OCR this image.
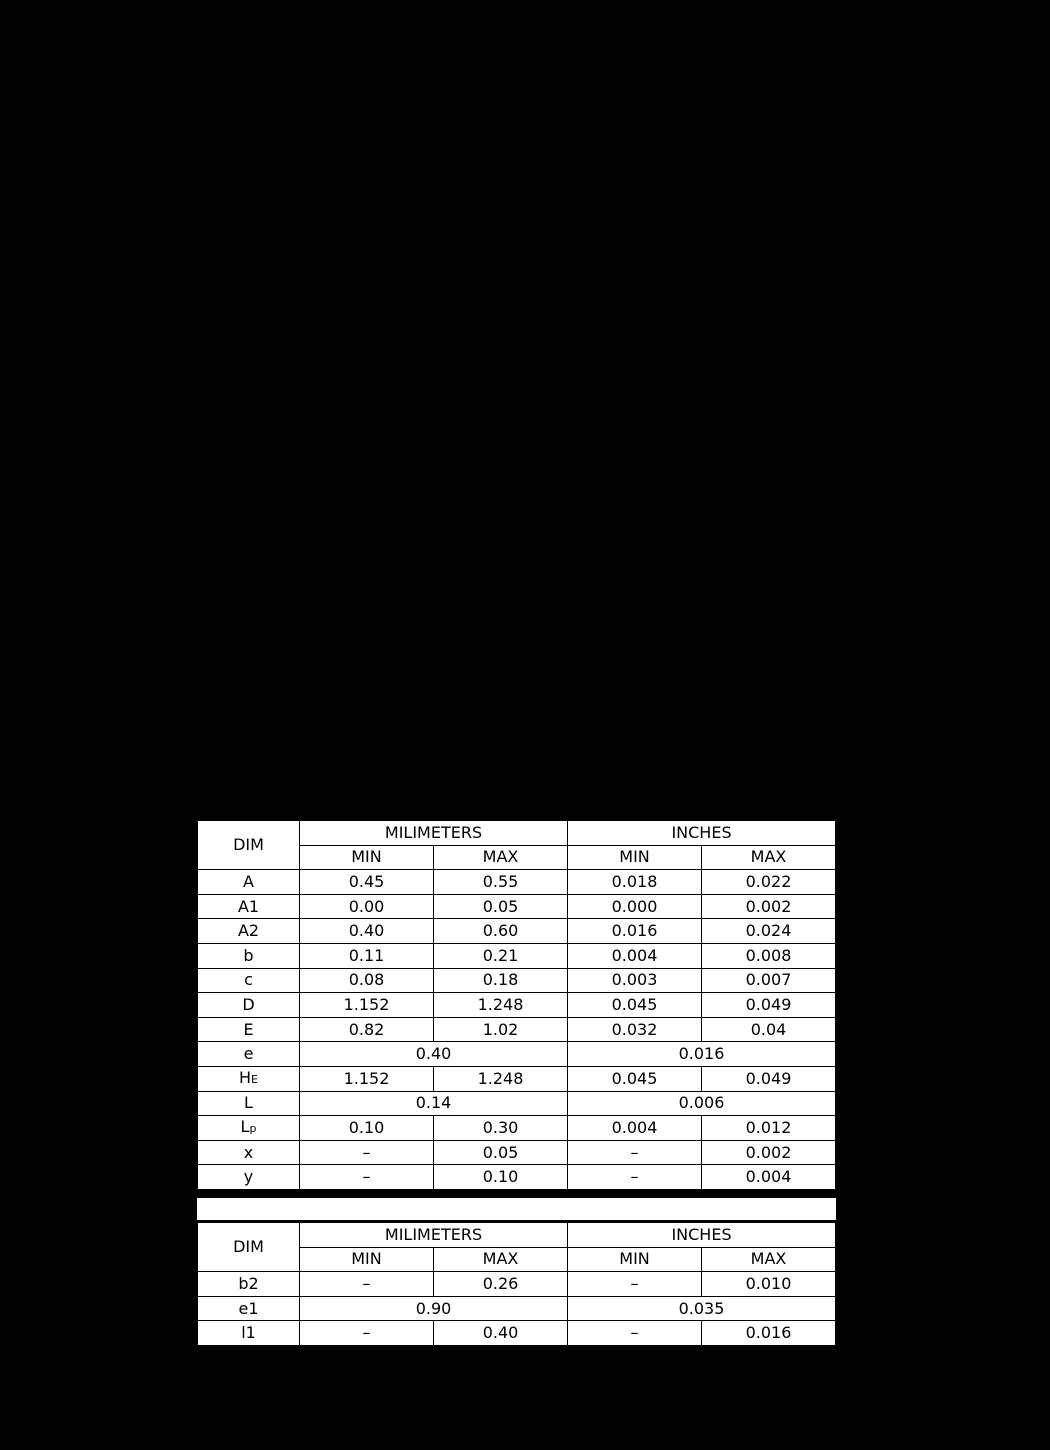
D
A
L e
He E
Lp
b	c
⌖ x Ⓜ S A
e
A2 A
A1
S
⏥ y S
e1
l1
b2
DIM	MILIMETERS		INCHES	
	MIN	MAX	MIN	MAX
A	0.45	0.55	0.018	0.022
A1	0.00	0.05	0.000	0.002
A2	0.40	0.60	0.016	0.024
b	0.11	0.21	0.004	0.008
c	0.08	0.18	0.003	0.007
D	1.152	1.248	0.045	0.049
E	0.82	1.02	0.032	0.04
e	0.40		0.016	
HE	1.152	1.248	0.045	0.049
L	0.14		0.006	
Lp	0.10	0.30	0.004	0.012
x	–	0.05	–	0.002
y	–	0.10	–	0.004
DIM	MILIMETERS		INCHES	
	MIN	MAX	MIN	MAX
b2	–	0.26	–	0.010
e1	0.90		0.035	
l1	–	0.40	–	0.016
